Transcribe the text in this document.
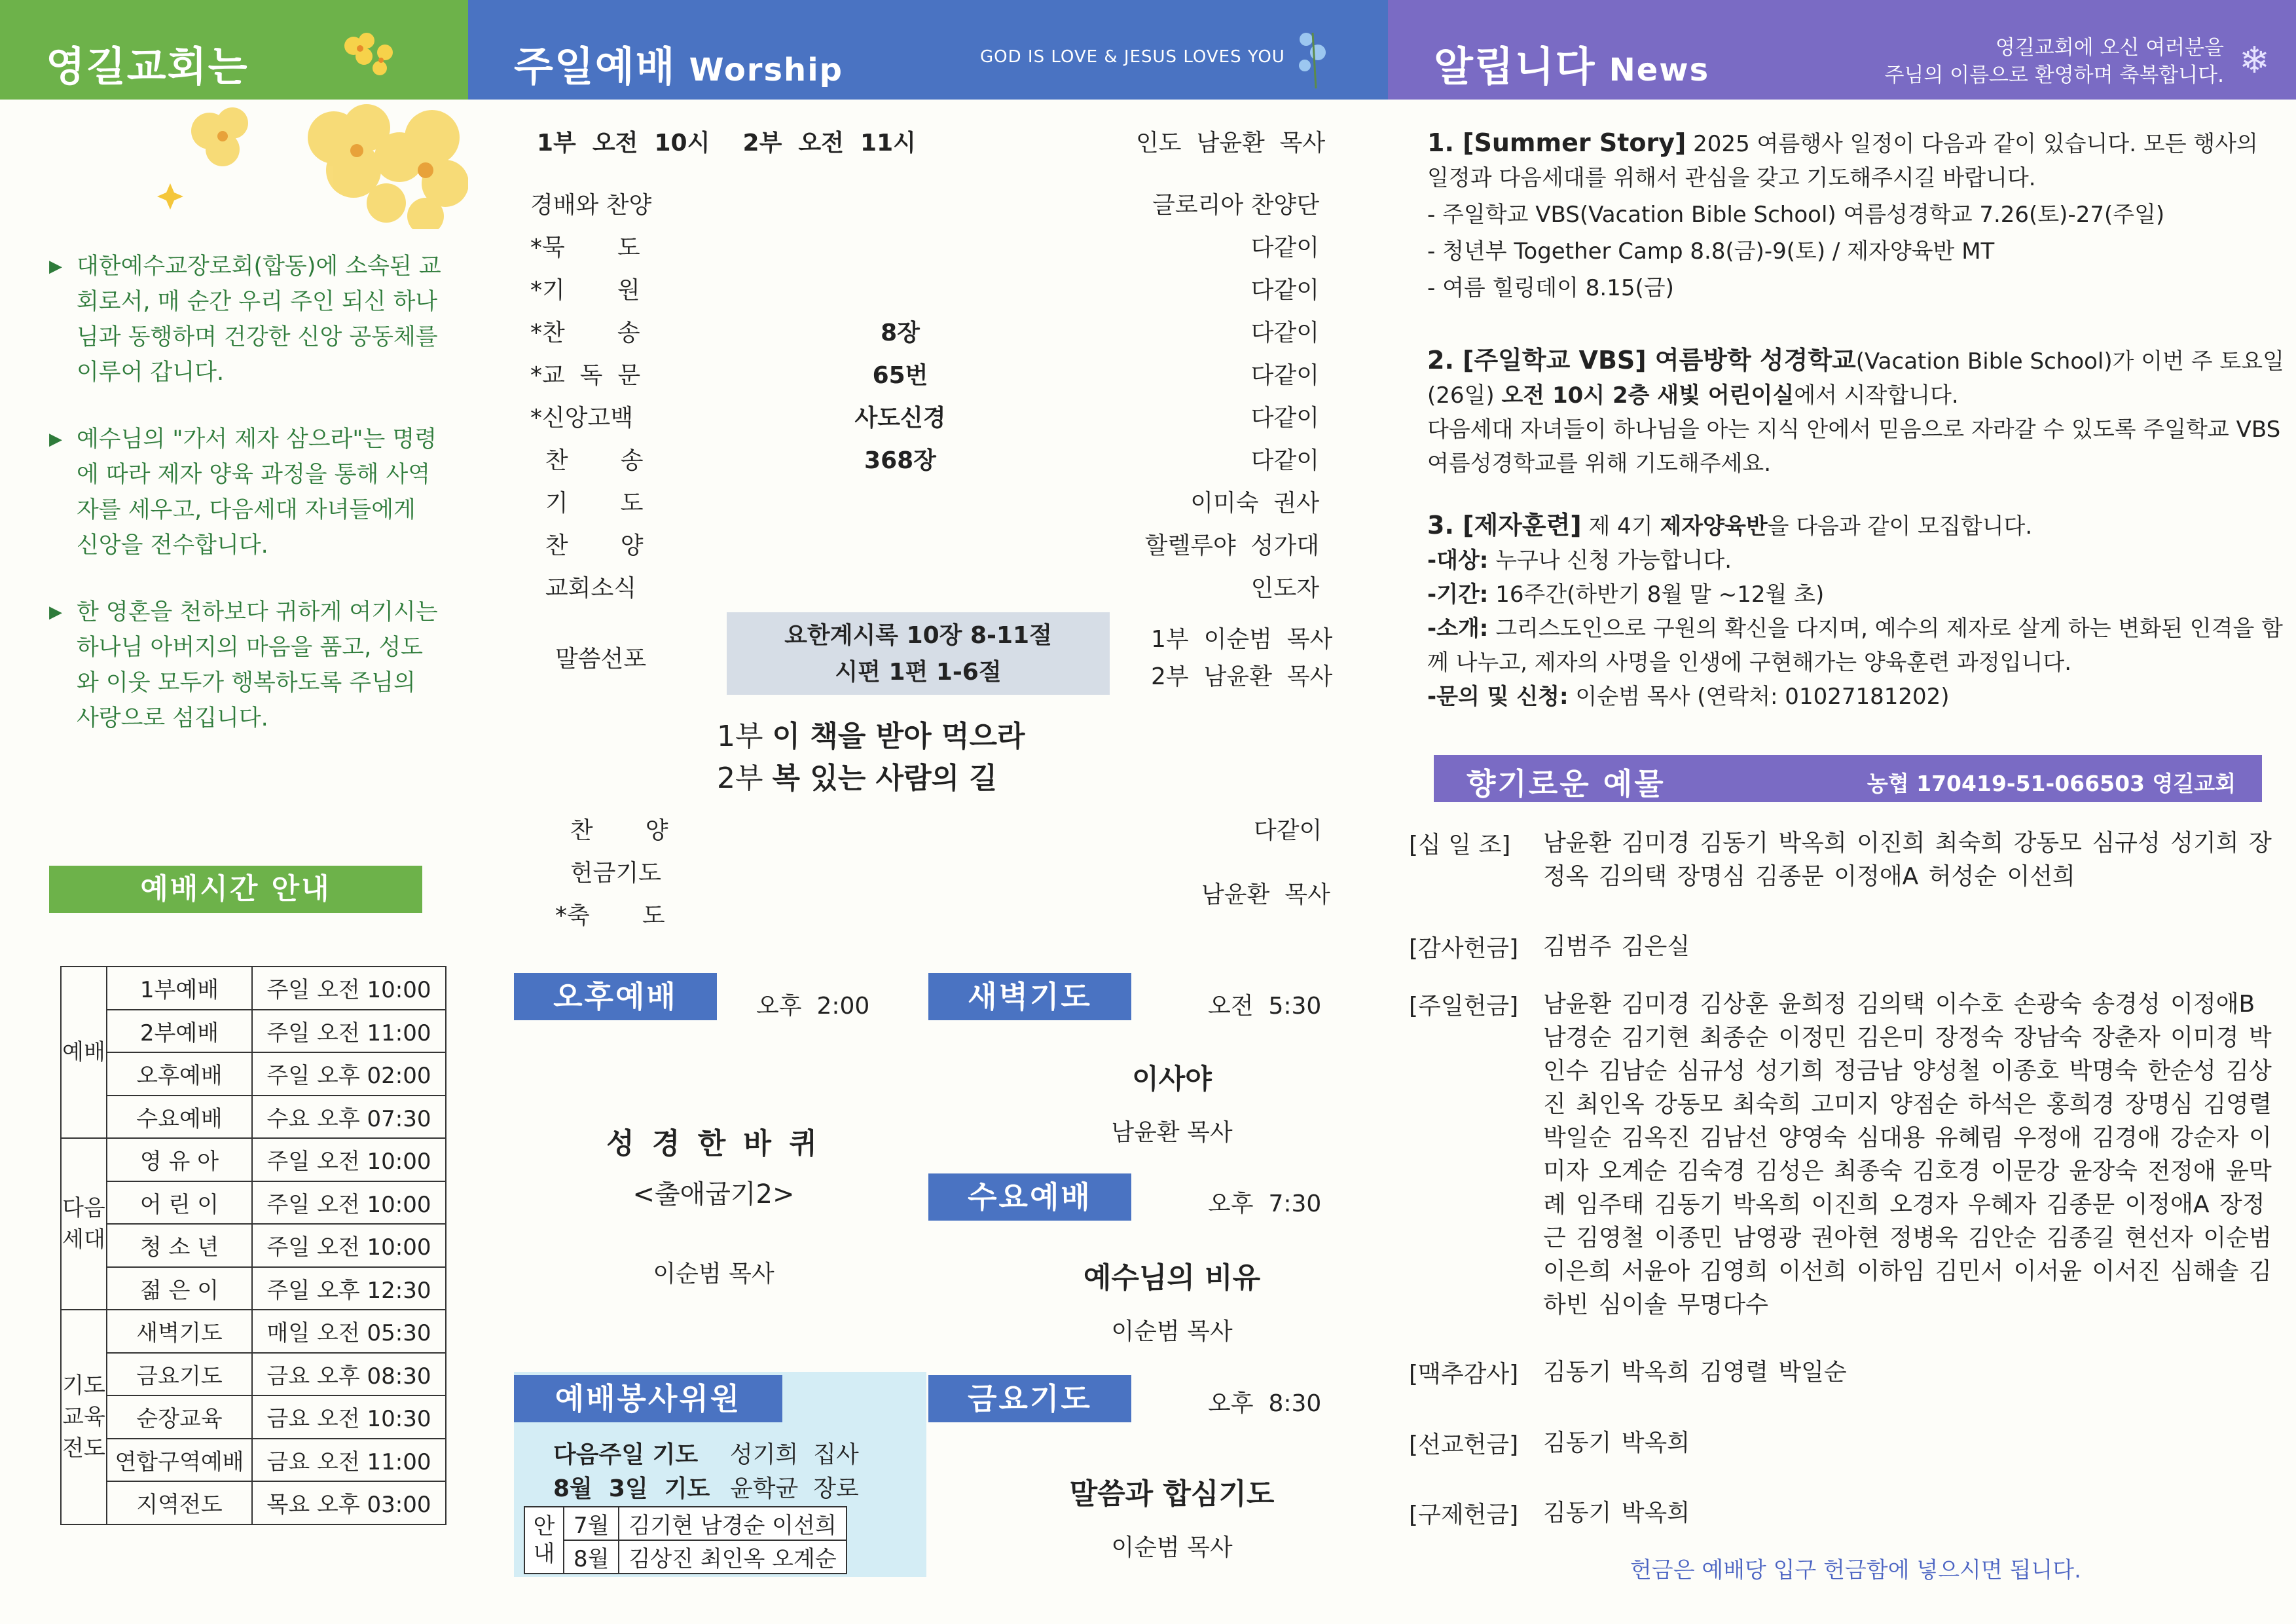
영길교회는
▶ 대한예수교장로회(합동)에 소속된 교회로서, 매 순간 우리 주인 되신 하나님과 동행하며 건강한 신앙 공동체를 이루어 갑니다.
▶ 예수님의 "가서 제자 삼으라"는 명령에 따라 제자 양육 과정을 통해 사역자를 세우고, 다음세대 자녀들에게 신앙을 전수합니다.
▶ 한 영혼을 천하보다 귀하게 여기시는 하나님 아버지의 마음을 품고, 성도와 이웃 모두가 행복하도록 주님의 사랑으로 섬깁니다.
예배시간 안내
예배	1부예배	주일 오전 10:00
	2부예배	주일 오전 11:00
	오후예배	주일 오후 02:00
	수요예배	수요 오후 07:30
다음세대	영 유 아	주일 오전 10:00
	어 린 이	주일 오전 10:00
	청 소 년	주일 오전 10:00
	젊 은 이	주일 오후 12:30
기도교육전도	새벽기도	매일 오전 05:30
	금요기도	금요 오후 08:30
	순장교육	금요 오전 10:30
	연합구역예배	금요 오전 11:00
	지역전도	목요 오후 03:00
주일예배 Worship	GOD IS LOVE & JESUS LOVES YOU
1부  오전  10시    2부  오전  11시	인도  남윤환  목사
경배와 찬양	글로리아 찬양단
*묵       도	다같이
*기       원	다같이
*찬       송	8장	다같이
*교  독  문	65번	다같이
*신앙고백	사도신경	다같이
찬       송	368장	다같이
기       도	이미숙  권사
찬       양	할렐루야  성가대
교회소식	인도자
말씀선포
요한계시록 10장 8-11절
시편 1편 1-6절
1부  이순범  목사
2부  남윤환  목사
1부 이 책을 받아 먹으라
2부 복 있는 사람의 길
찬       양	다같이
헌금기도
*축       도
남윤환  목사
오후예배	오후  2:00
성 경 한 바 퀴
<출애굽기2>
이순범 목사
새벽기도	오전  5:30
이사야
남윤환 목사
수요예배	오후  7:30
예수님의 비유
이순범 목사
예배봉사위원
다음주일 기도 성기희  집사
8월  3일  기도 윤학균  장로
안내	7월	김기현 남경순 이선희
	8월	김상진 최인옥 오계순
금요기도	오후  8:30
말씀과 합심기도
이순범 목사
알립니다 News
영길교회에 오신 여러분을
주님의 이름으로 환영하며 축복합니다. ❄
1. [Summer Story] 2025 여름행사 일정이 다음과 같이 있습니다. 모든 행사의 일정과 다음세대를 위해서 관심을 갖고 기도해주시길 바랍니다.
- 주일학교 VBS(Vacation Bible School) 여름성경학교 7.26(토)-27(주일)
- 청년부 Together Camp 8.8(금)-9(토) / 제자양육반 MT
- 여름 힐링데이 8.15(금)
2. [주일학교 VBS] 여름방학 성경학교(Vacation Bible School)가 이번 주 토요일(26일) 오전 10시 2층 새빛 어린이실에서 시작합니다.
다음세대 자녀들이 하나님을 아는 지식 안에서 믿음으로 자라갈 수 있도록 주일학교 VBS 여름성경학교를 위해 기도해주세요.
3. [제자훈련] 제 4기 제자양육반을 다음과 같이 모집합니다.
-대상: 누구나 신청 가능합니다.
-기간: 16주간(하반기 8월 말 ~12월 초)
-소개: 그리스도인으로 구원의 확신을 다지며, 예수의 제자로 살게 하는 변화된 인격을 함께 나누고, 제자의 사명을 인생에 구현해가는 양육훈련 과정입니다.
-문의 및 신청: 이순범 목사 (연락처: 01027181202)
향기로운 예물	농협 170419-51-066503 영길교회
[십 일 조]	남윤환 김미경 김동기 박옥희 이진희 최숙희 강동모 심규성 성기희 장정옥 김의택 장명심 김종문 이정애A 허성순 이선희
[감사헌금]	김범주 김은실
[주일헌금]	남윤환 김미경 김상훈 윤희정 김의택 이수호 손광숙 송경성 이정애B 남경순 김기현 최종순 이정민 김은미 장정숙 장남숙 장춘자 이미경 박인수 김남순 심규성 성기희 정금남 양성철 이종호 박명숙 한순성 김상진 최인옥 강동모 최숙희 고미지 양점순 하석은 홍희경 장명심 김영렬 박일순 김옥진 김남선 양영숙 심대용 유혜림 우정애 김경애 강순자 이미자 오계순 김숙경 김성은 최종숙 김호경 이문강 윤장숙 전정애 윤막례 임주태 김동기 박옥희 이진희 오경자 우혜자 김종문 이정애A 장정근 김영철 이종민 남영광 권아현 정병욱 김안순 김종길 현선자 이순범 이은희 서윤아 김영희 이선희 이하임 김민서 이서윤 이서진 심해솔 김하빈 심이솔 무명다수
[맥추감사]	김동기 박옥희 김영렬 박일순
[선교헌금]	김동기 박옥희
[구제헌금]	김동기 박옥희
헌금은 예배당 입구 헌금함에 넣으시면 됩니다.
